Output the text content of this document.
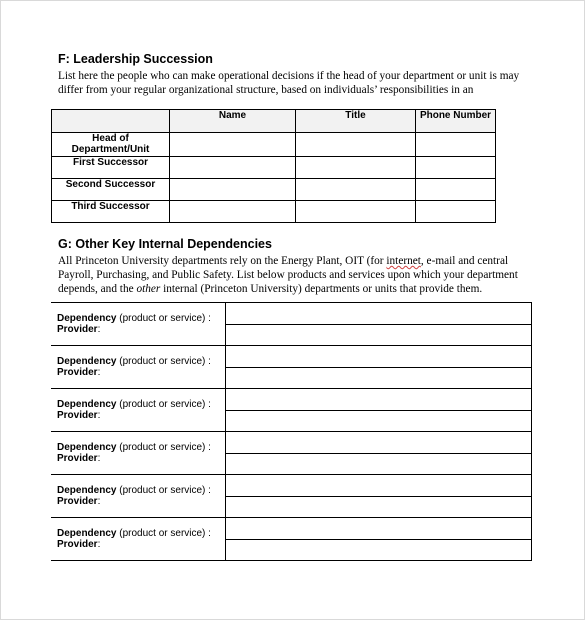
F: Leadership Succession

List here the people who can make operational decisions if the head of your department or unit is may differ from your regular organizational structure, based on individuals’ responsibilities in an

	Name	Title	Phone Number
Head of Department/Unit			
First Successor			
Second Successor			
Third Successor			
G: Other Key Internal Dependencies

All Princeton University departments rely on the Energy Plant, OIT (for internet, e-mail and central Payroll, Purchasing, and Public Safety. List below products and services upon which your department depends, and the other internal (Princeton University) departments or units that provide them.

Dependency (product or service) :
Provider:	

Dependency (product or service) :
Provider:	

Dependency (product or service) :
Provider:	

Dependency (product or service) :
Provider:	

Dependency (product or service) :
Provider:	

Dependency (product or service) :
Provider:	
